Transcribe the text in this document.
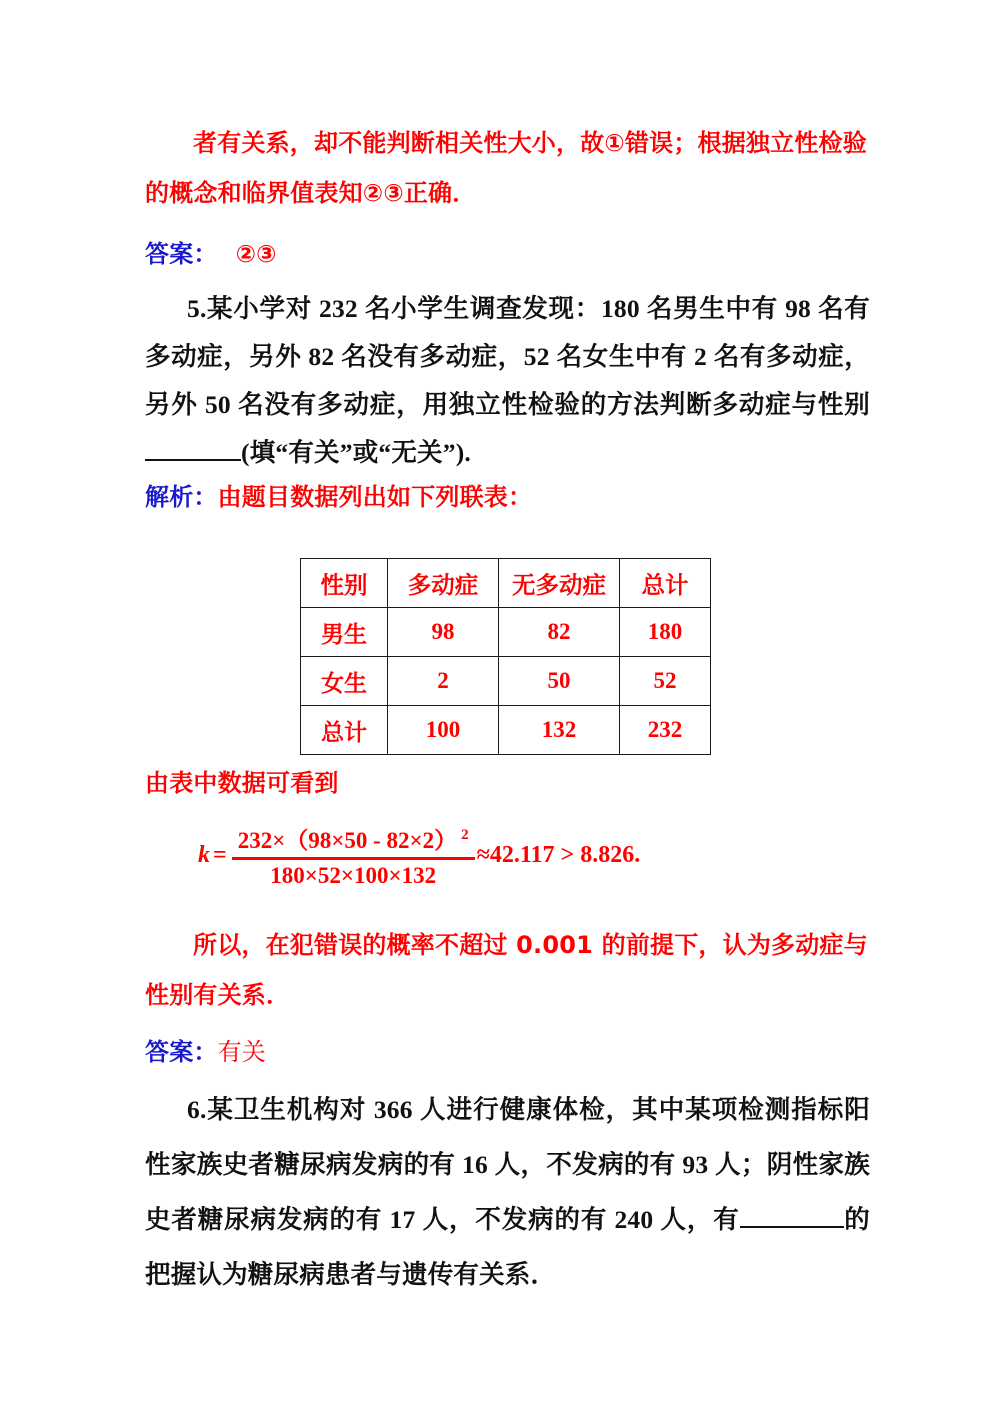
者有关系，却不能判断相关性大小，故①错误；根据独立性检验 的概念和临界值表知②③正确．
答案： ②③
5.某小学对 232 名小学生调查发现：180 名男生中有 98 名有多动症，另外 82 名没有多动症，52 名女生中有 2 名有多动症，另外 50 名没有多动症，用独立性检验的方法判断多动症与性别(填“有关”或“无关”).
解析：由题目数据列出如下列联表：
性别	多动症	无多动症	总计
男生	98	82	180
女生	2	50	52
总计	100	132	232
由表中数据可看到
$k = \frac{232\times(98\times 50 - 82\times 2) ^2}{180\times 52\times 100\times 132} \approx 42.117 > 8.826$.
所以，在犯错误的概率不超过 0.001 的前提下，认为多动症与性别有关系．
答案：有关
6.某卫生机构对 366 人进行健康体检，其中某项检测指标阳性家族史者糖尿病发病的有 16 人，不发病的有 93 人；阴性家族史者糖尿病发病的有 17 人，不发病的有 240 人，有	的把握认为糖尿病患者与遗传有关系．
